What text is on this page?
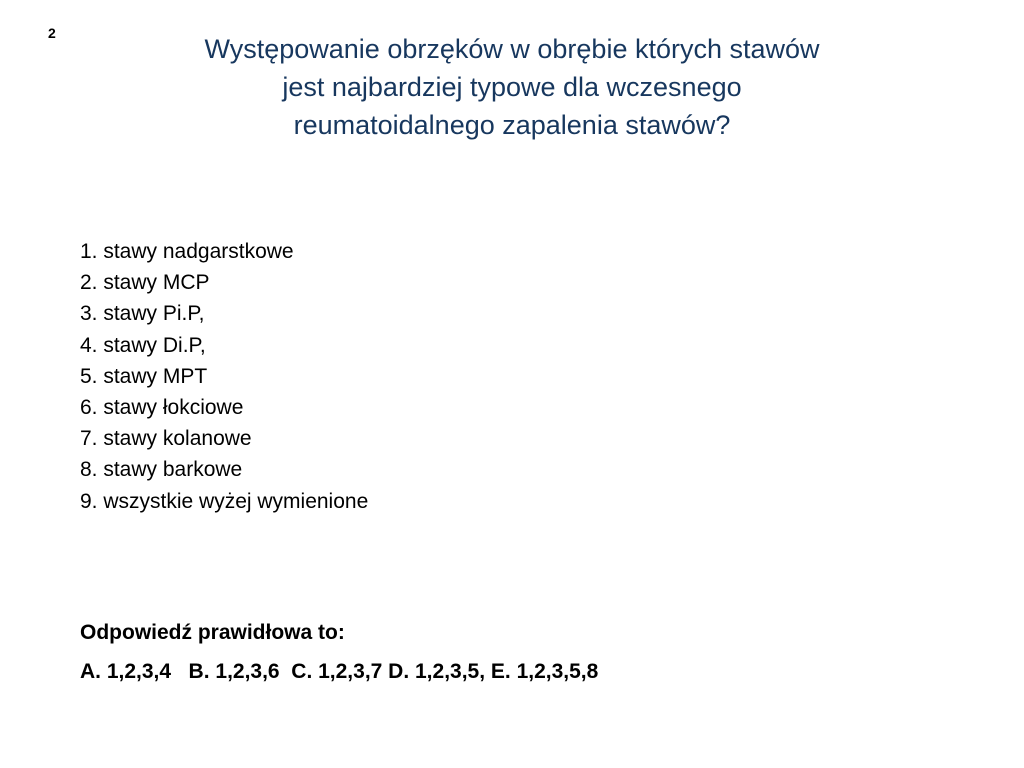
2
Występowanie obrzęków w obrębie których stawów
jest najbardziej typowe dla wczesnego
reumatoidalnego zapalenia stawów?
1. stawy nadgarstkowe
2. stawy MCP
3. stawy Pi.P,
4. stawy Di.P,
5. stawy MPT
6. stawy łokciowe
7. stawy kolanowe
8. stawy barkowe
9. wszystkie wyżej wymienione
Odpowiedź prawidłowa to:
A. 1,2,3,4   B. 1,2,3,6  C. 1,2,3,7 D. 1,2,3,5, E. 1,2,3,5,8
